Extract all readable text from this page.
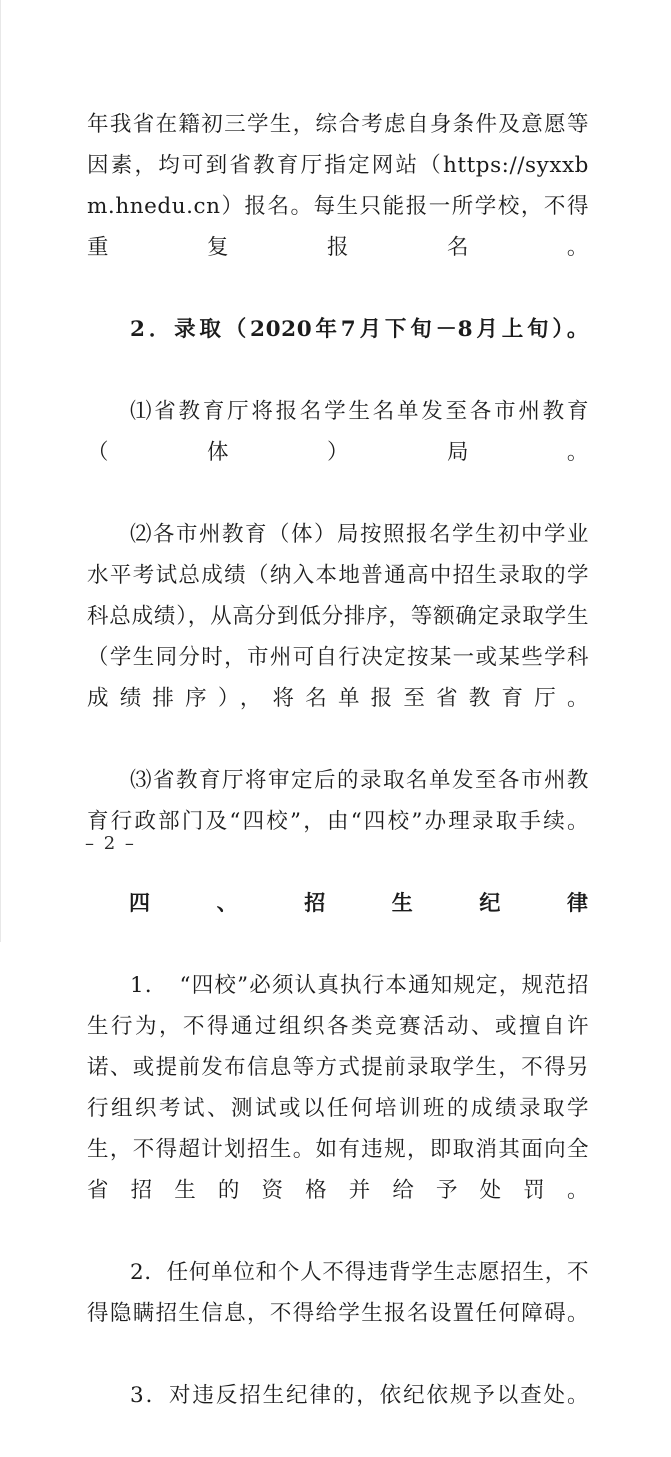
年我省在籍初三学生，综合考虑自身条件及意愿等因素，均可到省教育厅指定网站（https://syxxbm.hnedu.cn）报名。每生只能报一所学校，不得重复报名。

2．录取（2020年7月下旬－8月上旬）。

⑴省教育厅将报名学生名单发至各市州教育（体）局。

⑵各市州教育（体）局按照报名学生初中学业水平考试总成绩（纳入本地普通高中招生录取的学科总成绩），从高分到低分排序，等额确定录取学生（学生同分时，市州可自行决定按某一或某些学科成绩排序），将名单报至省教育厅。

⑶省教育厅将审定后的录取名单发至各市州教育行政部门及“四校”，由“四校”办理录取手续。

四、招生纪律

1．　“四校”必须认真执行本通知规定，规范招生行为，不得通过组织各类竞赛活动、或擅自许诺、或提前发布信息等方式提前录取学生，不得另行组织考试、测试或以任何培训班的成绩录取学生，不得超计划招生。如有违规，即取消其面向全省招生的资格并给予处罚。

2．任何单位和个人不得违背学生志愿招生，不得隐瞒招生信息，不得给学生报名设置任何障碍。

3．对违反招生纪律的，依纪依规予以查处。

– 2 –
